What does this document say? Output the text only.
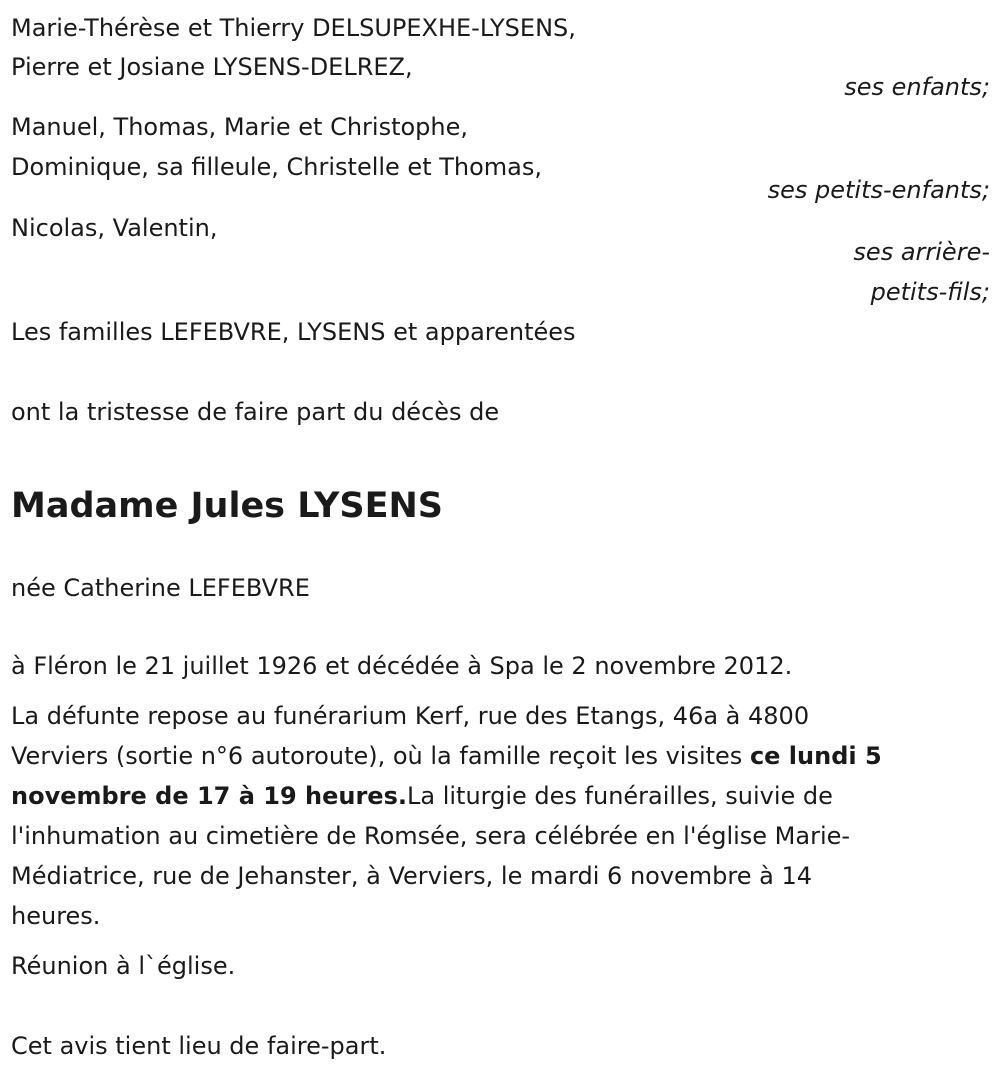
Marie-Thérèse et Thierry DELSUPEXHE-LYSENS,
Pierre et Josiane LYSENS-DELREZ,
ses enfants;
Manuel, Thomas, Marie et Christophe,
Dominique, sa filleule, Christelle et Thomas,
ses petits-enfants;
Nicolas, Valentin,
ses arrière-
petits-fils;
Les familles LEFEBVRE, LYSENS et apparentées
ont la tristesse de faire part du décès de
Madame Jules LYSENS
née Catherine LEFEBVRE
à Fléron le 21 juillet 1926 et décédée à Spa le 2 novembre 2012.
La défunte repose au funérarium Kerf, rue des Etangs, 46a à 4800
Verviers (sortie n°6 autoroute), où la famille reçoit les visites ce lundi 5
novembre de 17 à 19 heures.La liturgie des funérailles, suivie de
l'inhumation au cimetière de Romsée, sera célébrée en l'église Marie-
Médiatrice, rue de Jehanster, à Verviers, le mardi 6 novembre à 14
heures.
Réunion à l`église.
Cet avis tient lieu de faire-part.
